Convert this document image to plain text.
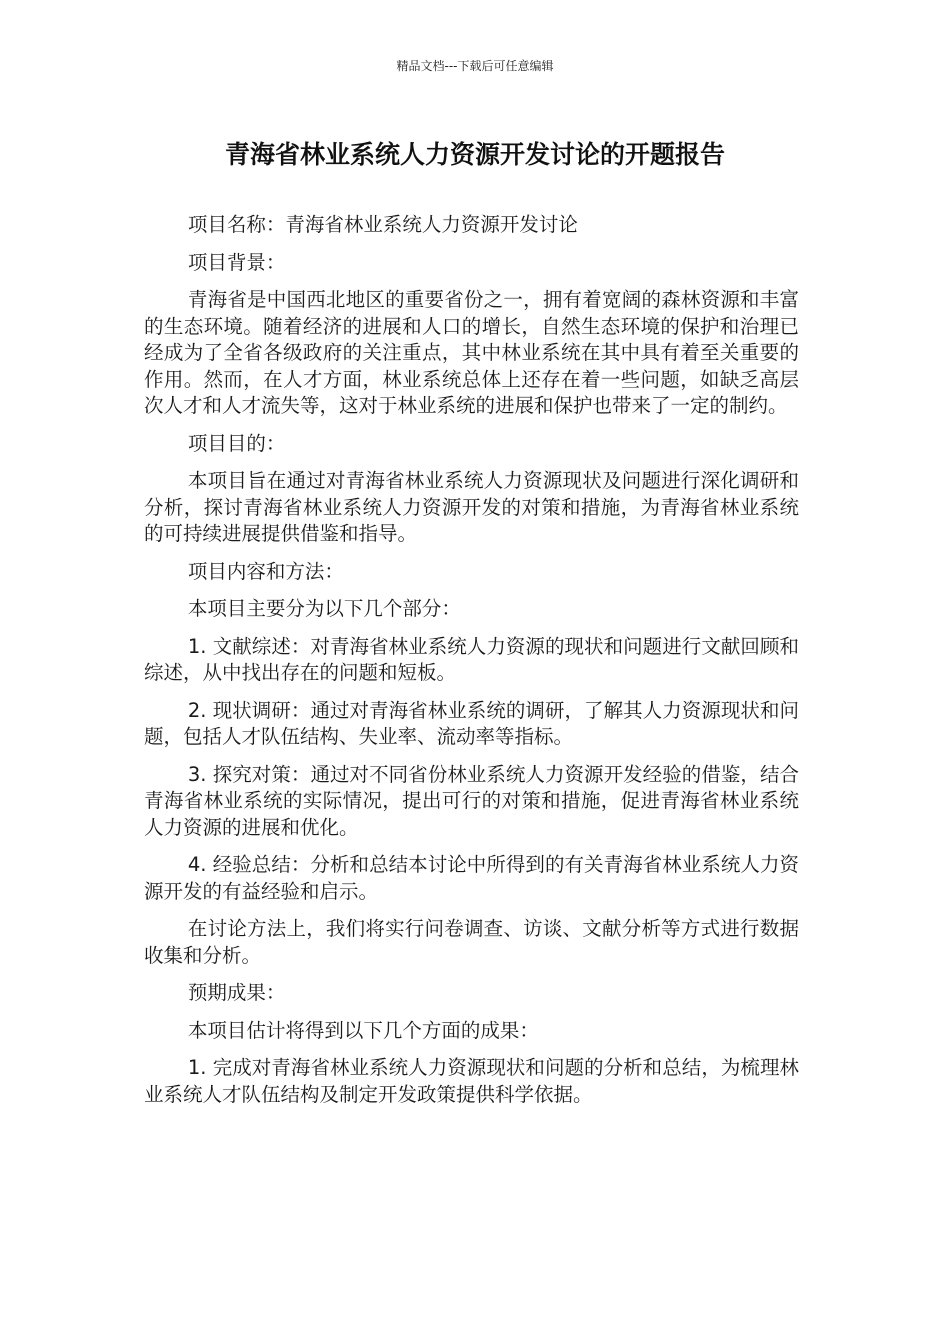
精品文档---下载后可任意编辑
青海省林业系统人力资源开发讨论的开题报告

项目名称：青海省林业系统人力资源开发讨论

项目背景：

青海省是中国西北地区的重要省份之一，拥有着宽阔的森林资源和丰富的生态环境。随着经济的进展和人口的增长，自然生态环境的保护和治理已经成为了全省各级政府的关注重点，其中林业系统在其中具有着至关重要的作用。然而，在人才方面，林业系统总体上还存在着一些问题，如缺乏高层次人才和人才流失等，这对于林业系统的进展和保护也带来了一定的制约。

项目目的：

本项目旨在通过对青海省林业系统人力资源现状及问题进行深化调研和分析，探讨青海省林业系统人力资源开发的对策和措施，为青海省林业系统的可持续进展提供借鉴和指导。

项目内容和方法：

本项目主要分为以下几个部分：

1. 文献综述：对青海省林业系统人力资源的现状和问题进行文献回顾和综述，从中找出存在的问题和短板。

2. 现状调研：通过对青海省林业系统的调研，了解其人力资源现状和问题，包括人才队伍结构、失业率、流动率等指标。

3. 探究对策：通过对不同省份林业系统人力资源开发经验的借鉴，结合青海省林业系统的实际情况，提出可行的对策和措施，促进青海省林业系统人力资源的进展和优化。

4. 经验总结：分析和总结本讨论中所得到的有关青海省林业系统人力资源开发的有益经验和启示。

在讨论方法上，我们将实行问卷调查、访谈、文献分析等方式进行数据收集和分析。

预期成果：

本项目估计将得到以下几个方面的成果：

1. 完成对青海省林业系统人力资源现状和问题的分析和总结，为梳理林业系统人才队伍结构及制定开发政策提供科学依据。
